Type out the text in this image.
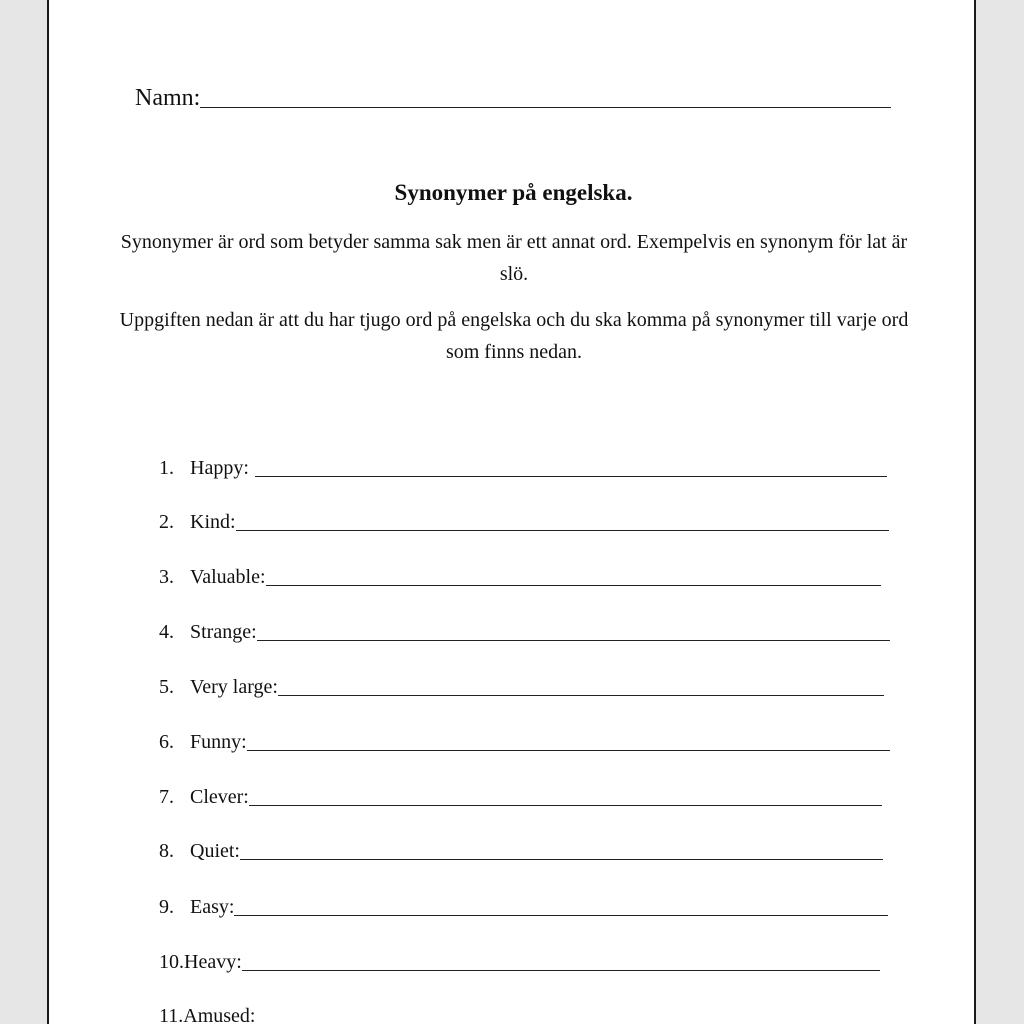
Namn:
Synonymer på engelska.
Synonymer är ord som betyder samma sak men är ett annat ord. Exempelvis en synonym för lat är slö.
Uppgiften nedan är att du har tjugo ord på engelska och du ska komma på synonymer till varje ord som finns nedan.
1. Happy:
2. Kind:
3. Valuable:
4. Strange:
5. Very large:
6. Funny:
7. Clever:
8. Quiet:
9. Easy:
10. Heavy:
11. Amused:
